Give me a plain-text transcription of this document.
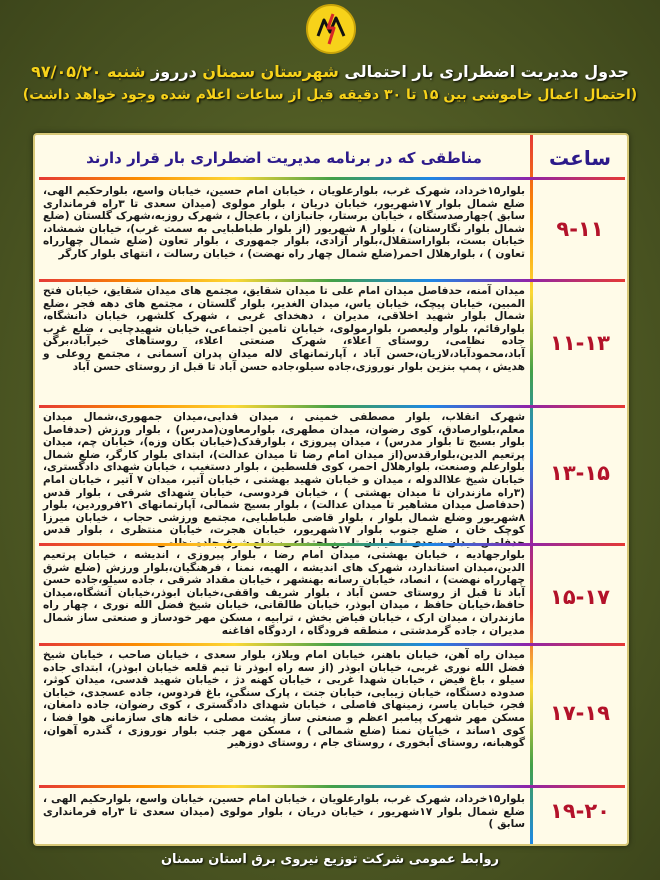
جدول مدیریت اضطراری بار احتمالی شهرستان سمنان درروز شنبه ۹۷/۰۵/۲۰
(احتمال اعمال خاموشی بین ۱۵ تا ۳۰ دقیقه قبل از ساعات اعلام شده وجود خواهد داشت)
ساعت
مناطقی که در برنامه مدیریت اضطراری بار قرار دارند
بلوار۱۵خرداد، شهرک غرب، بلوارعلویان ، خیابان امام حسین، خیابان واسع، بلوارحکیم الهی، ضلع شمال بلوار ۱۷شهریور، خیابان دریان ، بلوار مولوی (میدان سعدی تا ۳راه فرمانداری سابق )جهارصدستگاه ، خیابان برستار، جانبازان ، باعجال ، شهرک روزبه،شهرک گلستان (ضلع شمال بلوار نگارستان) ، بلوار ۸ شهریور (از بلوار طباطبایی به سمت غرب)، خیابان شمشاد، خیابان بست، بلواراستقلال،بلوار آزادی، بلوار جمهوری ، بلوار تعاون (ضلع شمال چهارراه تعاون ) ، بلوارهلال احمر(ضلع شمال چهار راه نهضت) ، خیابان رسالت ، انتهای بلوار کارگر
۹-۱۱
میدان آمنه، حدفاصل میدان امام علی تا میدان شقایق، مجتمع های میدان شقایق، خیابان فتح المبین، خیابان پیچک، خیابان یاس، میدان الغدیر، بلوار گلستان ، مجتمع های دهه فجر ،ضلع شمال بلوار شهید اخلاقی، مدیران ، دهخدای غربی ، شهرک کلشهر، خیابان دانشگاه، بلوارقائم، بلوار ولیعصر، بلوارمولوی، خیابان تامین اجتماعی، خیابان شهیدچایی ، ضلع غرب جاده نظامی، روستای اعلاء، شهرک صنعتی اعلاء، روستاهای خیرآباد،برگن آباد،محمودآباد،لازیان،حسن آباد ، آپارتمانهای لاله میدان پدران آسمانی ، مجتمع روعلی و هدیش ، پمپ بنزین بلوار نوروزی،جاده سیلو،جاده حسن آباد تا قبل از روستای حسن آباد
۱۱-۱۳
شهرک انقلاب، بلوار مصطفی خمینی ، میدان فدایی،میدان جمهوری،شمال میدان معلم،بلوارصادق، کوی رضوان، میدان مطهری، بلوارمعاون(مدرس) ، بلوار ورزش (حدفاصل بلوار بسیج تا بلوار مدرس) ، میدان پیروزی ، بلوارقدک(خیابان بکان وزه)، خیابان چم، میدان پرتعیم الدین،بلوارقدس(از میدان امام رضا تا میدان عدالت)، ابتدای بلوار کارگر، ضلع شمال بلوارعلم وصنعت، بلوارهلال احمر، کوی فلسطین ، بلوار دستغیب ، خیابان شهدای دادگستری، خیابان شیخ علاالدوله ، میدان و خیابان شهید بهشتی ، خیابان آتیر، میدان ۷ آتیر ، خیابان امام (۳راه مازندران تا میدان بهشتی ) ، خیابان فردوسی، خیابان شهدای شرقی ، بلوار قدس (حدفاصل میدان مشاهیر تا میدان عدالت) ، بلوار بسیج شمالی، آپارتمانهای ۲۱فروردین، بلوار ۸شهریور وضلع شمال بلوار ، بلوار قاضی طباطبایی، مجتمع ورزشی حجاب ، خیابان میرزا کوچک خان ، ضلع جنوب بلوار ۱۷شهریور، خیابان هجرت، خیابان منتظری ، بلوار قدس
۱۳-۱۵
بلوارجهادیه ، خیابان بهشتی، میدان امام رضا ، بلوار پیروزی ، اندیشه ، خیابان پرتعیم الدین،میدان استاندارد، شهرک های اندیشه ، الهیه، نمنا ، فرهنگیان،بلوار ورزش (ضلع شرق چهارراه نهضت) ، انصاد، خیابان رسانه بهنشهر ، خیابان مقداد شرقی ، جاده سیلو،جاده حسن آباد تا قبل از روستای حسن آباد ، بلوار شریف واقفی،خیابان ابوذر،خیابان آتشگاه،میدان حافظ،خیابان حافظ ، میدان ابوذر، خیابان طالقانی، خیابان شیخ فضل الله نوری ، چهار راه مازندران ، میدان ارک ، خیابان فیاض بخش ، ترابیه ، مسکن مهر خودساز و صنعتی ساز شمال مدیران ، جاده گرمدشتی ، منطقه فرودگاه ، اردوگاه افاغنه
۱۵-۱۷
میدان راه آهن، خیابان باهنر، خیابان امام ویلاز، بلوار سعدی ، خیابان صاحب ، خیابان شیخ فضل الله نوری غربی، خیابان ابوذر (از سه راه ابوذر تا تیم قلعه خیابان ابوذر)، ابتدای جاده سیلو ، باغ فیض ، خیابان شهدا غربی ، خیابان کهنه دژ ، خیابان شهید قدسی، میدان کوثر، صدوده دستگاه، خیابان زیبایی، خیابان جنت ، پارک سنگی، باغ فردوس، جاده عسجدی، خیابان فجر، خیابان یاسر، زمینهای فاصلی ، خیابان شهدای دادگستری ، کوی رضوان، جاده دامغان، مسکن مهر شهرک پیامبر اعظم و صنعتی ساز پشت مصلی ، خانه های سازمانی هوا فضا ، کوی ۱ساند ، خیابان نمنا (ضلع شمالی ) ، مسکن مهر جنب بلوار نوروزی ، گندره آهوان، گوهبانه، روستای آبخوری ، روستای جام ، روستای دوزهیر
۱۷-۱۹
بلوار۱۵خرداد، شهرک غرب، بلوارعلویان ، خیابان امام حسین، خیابان واسع، بلوارحکیم الهی ، ضلع شمال بلوار ۱۷شهریور ، خیابان دریان ، بلوار مولوی (میدان سعدی تا ۳راه فرمانداری سابق )
۱۹-۲۰
روابط عمومی شرکت توزیع نیروی برق استان سمنان
